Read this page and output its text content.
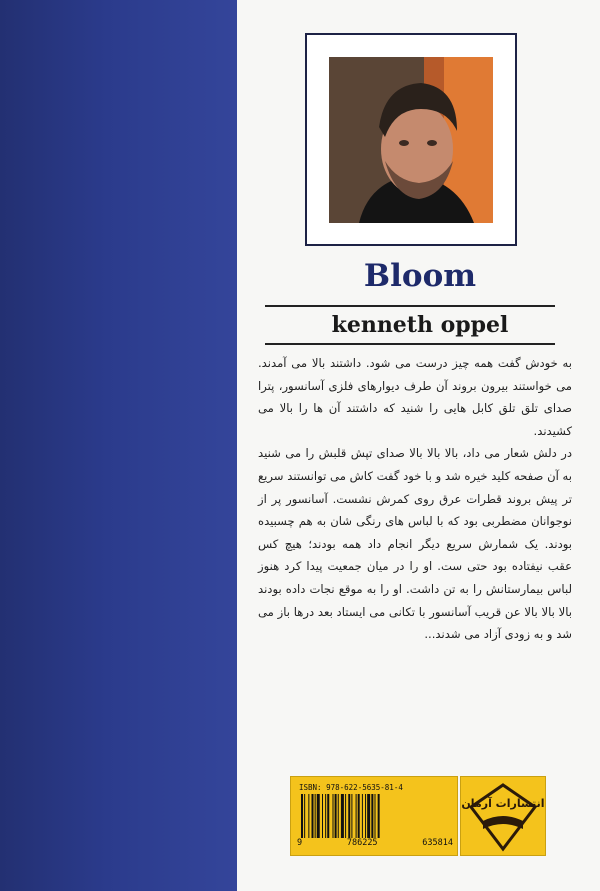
Bloom
kenneth oppel

به خودش گفت همه چیز درست می شود. داشتند بالا می آمدند. می خواستند بیرون بروند آن طرف دیوارهای فلزی آسانسور، پترا صدای تلق تلق کابل هایی را شنید که داشتند آن ها را بالا می کشیدند.

در دلش شعار می داد، بالا بالا بالا صدای تپش قلبش را می شنید به آن صفحه کلید خیره شد و با خود گفت کاش می توانستند سریع تر پیش بروند قطرات عرق روی کمرش نشست. آسانسور پر از نوجوانان مضطربی بود که با لباس های رنگی شان به هم چسبیده بودند. یک شمارش سریع دیگر انجام داد همه بودند؛ هیچ کس عقب نیفتاده بود حتی ست. او را در میان جمعیت پیدا کرد هنوز لباس بیمارستانش را به تن داشت. او را به موقع نجات داده بودند بالا بالا بالا عن قریب آسانسور با تکانی می ایستاد بعد درها باز می شد و به زودی آزاد می شدند...

ISBN: 978-622-5635-81-4
9	786225	635814
انتشارات آرمان
